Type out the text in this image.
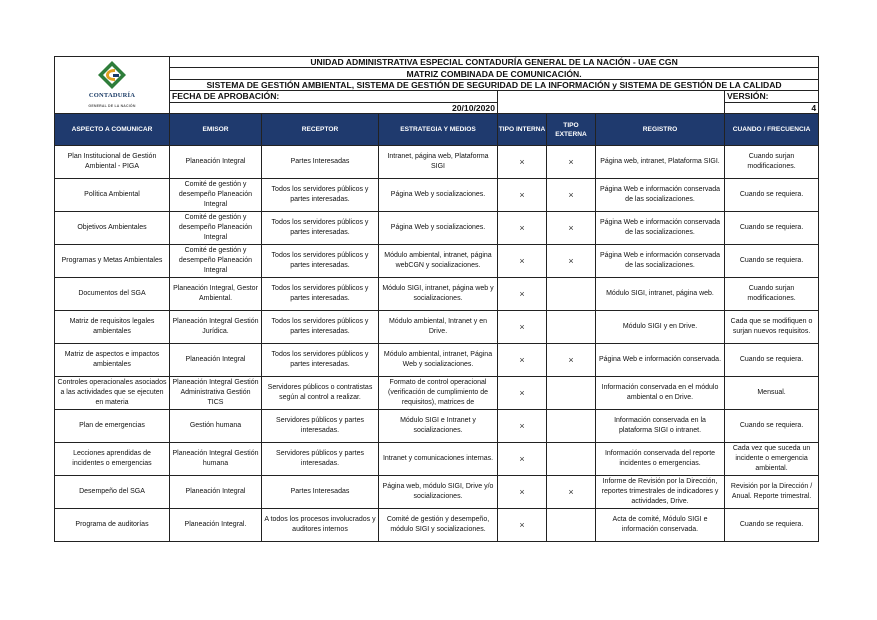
CONTADURÍA
GENERAL DE LA NACIÓN	UNIDAD ADMINISTRATIVA ESPECIAL CONTADURÍA GENERAL DE LA NACIÓN - UAE CGN						
	MATRIZ COMBINADA DE COMUNICACIÓN.						
	SISTEMA DE GESTIÓN AMBIENTAL, SISTEMA DE GESTIÓN DE SEGURIDAD DE LA INFORMACIÓN y SISTEMA DE GESTIÓN DE LA CALIDAD						
	FECHA DE APROBACIÓN:						VERSIÓN:
	20/10/2020						4
ASPECTO A COMUNICAR	EMISOR	RECEPTOR	ESTRATEGIA Y MEDIOS	TIPO INTERNA	TIPO EXTERNA	REGISTRO	CUANDO / FRECUENCIA

Plan Institucional de Gestión Ambiental - PIGA	Planeación Integral	Partes Interesadas	Intranet, página web, Plataforma SIGI	×	×	Página web, intranet, Plataforma SIGI.	Cuando surjan modificaciones.

Política Ambiental	Comité de gestión y desempeño Planeación Integral	Todos los servidores públicos y partes interesadas.	Página Web y socializaciones.	×	×	Página Web e información conservada de las socializaciones.	Cuando se requiera.

Objetivos Ambientales	Comité de gestión y desempeño Planeación Integral	Todos los servidores públicos y partes interesadas.	Página Web y socializaciones.	×	×	Página Web e información conservada de las socializaciones.	Cuando se requiera.

Programas y Metas Ambientales	Comité de gestión y desempeño Planeación Integral	Todos los servidores públicos y partes interesadas.	Módulo ambiental, intranet, página webCGN y socializaciones.	×	×	Página Web e información conservada de las socializaciones.	Cuando se requiera.

Documentos del SGA	Planeación Integral, Gestor Ambiental.	Todos los servidores públicos y partes interesadas.	Módulo SIGI, intranet, página web y socializaciones.	×		Módulo SIGI, intranet, página web.	Cuando surjan modificaciones.

Matriz de requisitos legales ambientales	Planeación Integral Gestión Jurídica.	Todos los servidores públicos y partes interesadas.	Módulo ambiental, Intranet y en Drive.	×		Módulo SIGI y en Drive.	Cada que se modifiquen o surjan nuevos requisitos.

Matriz de aspectos e impactos ambientales	Planeación Integral	Todos los servidores públicos y partes interesadas.	Módulo ambiental, intranet, Página Web y socializaciones.	×	×	Página Web e información conservada.	Cuando se requiera.

Controles operacionales asociados a las actividades que se ejecuten en materia	Planeación Integral Gestión Administrativa Gestión TICS	Servidores públicos o contratistas según al control a realizar.	Formato de control operacional (verificación de cumplimiento de requisitos), matrices de	×		Información conservada en el módulo ambiental o en Drive.	Mensual.

Plan de emergencias	Gestión humana	Servidores públicos y partes interesadas.	Módulo SIGI e Intranet y socializaciones.	×		Información conservada en la plataforma SIGI o intranet.	Cuando se requiera.

Lecciones aprendidas de incidentes o emergencias	Planeación Integral Gestión humana	Servidores públicos y partes interesadas.	Intranet y comunicaciones internas.	×		Información conservada del reporte incidentes o emergencias.	Cada vez que suceda un incidente o emergencia ambiental.

Desempeño del SGA	Planeación Integral	Partes Interesadas	Página web, módulo SIGI, Drive y/o socializaciones.	×	×	Informe de Revisión por la Dirección, reportes trimestrales de indicadores y actividades, Drive.	Revisión por la Dirección / Anual. Reporte trimestral.

Programa de auditorías	Planeación Integral.	A todos los procesos involucrados y auditores internos	Comité de gestión y desempeño, módulo SIGI y socializaciones.	×		Acta de comité, Módulo SIGI e información conservada.	Cuando se requiera.
